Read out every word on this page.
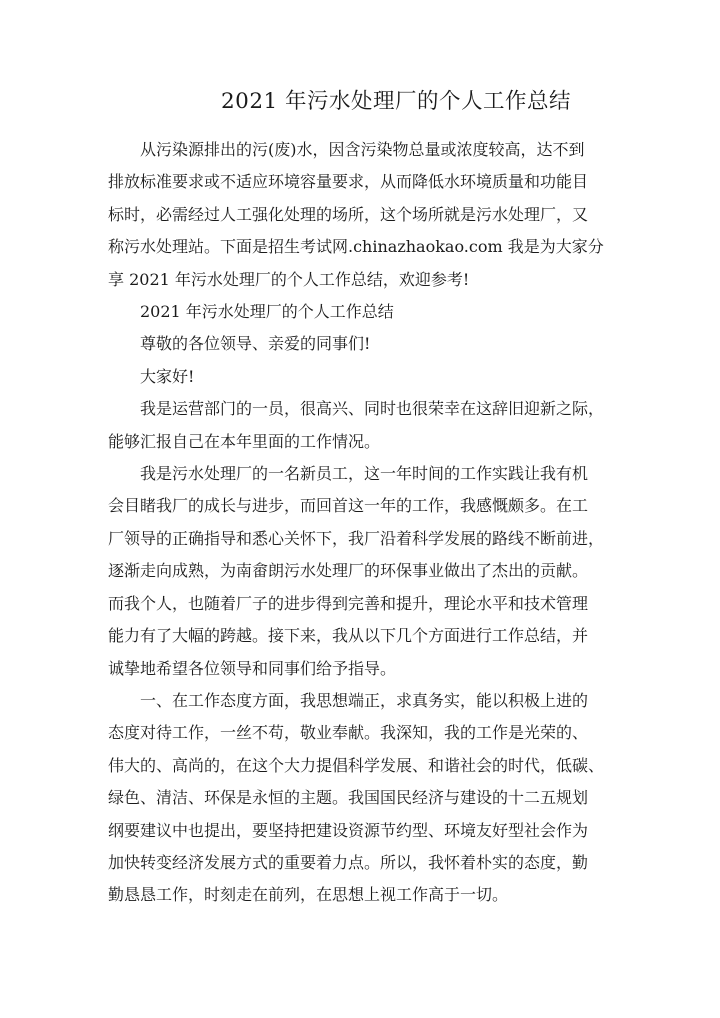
2021 年污水处理厂的个人工作总结

从污染源排出的污(废)水，因含污染物总量或浓度较高，达不到
排放标准要求或不适应环境容量要求，从而降低水环境质量和功能目
标时，必需经过人工强化处理的场所，这个场所就是污水处理厂，又
称污水处理站。下面是招生考试网.chinazhaokao.com 我是为大家分
享 2021 年污水处理厂的个人工作总结，欢迎参考!

2021 年污水处理厂的个人工作总结

尊敬的各位领导、亲爱的同事们!

大家好!

我是运营部门的一员，很高兴、同时也很荣幸在这辞旧迎新之际，
能够汇报自己在本年里面的工作情况。

我是污水处理厂的一名新员工，这一年时间的工作实践让我有机
会目睹我厂的成长与进步，而回首这一年的工作，我感慨颇多。在工
厂领导的正确指导和悉心关怀下，我厂沿着科学发展的路线不断前进，
逐渐走向成熟，为南畲朗污水处理厂的环保事业做出了杰出的贡献。
而我个人，也随着厂子的进步得到完善和提升，理论水平和技术管理
能力有了大幅的跨越。接下来，我从以下几个方面进行工作总结，并
诚挚地希望各位领导和同事们给予指导。

一、在工作态度方面，我思想端正，求真务实，能以积极上进的
态度对待工作，一丝不苟，敬业奉献。我深知，我的工作是光荣的、
伟大的、高尚的，在这个大力提倡科学发展、和谐社会的时代，低碳、
绿色、清洁、环保是永恒的主题。我国国民经济与建设的十二五规划
纲要建议中也提出，要坚持把建设资源节约型、环境友好型社会作为
加快转变经济发展方式的重要着力点。所以，我怀着朴实的态度，勤
勤恳恳工作，时刻走在前列，在思想上视工作高于一切。
